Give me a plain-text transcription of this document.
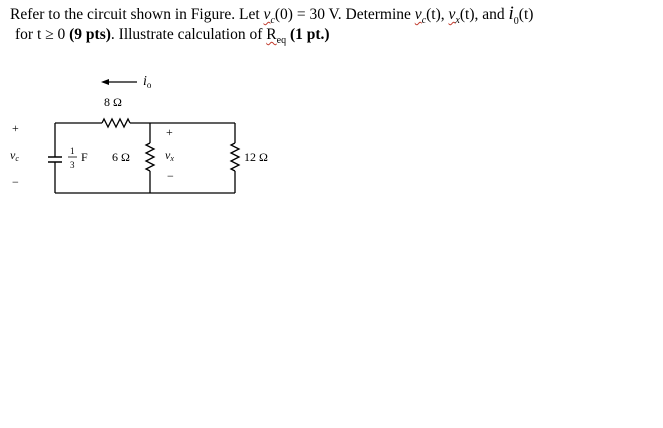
Refer to the circuit shown in Figure. Let $v_c(0) = 30$ V. Determine $v_c(t)$, $v_x(t)$, and $i_0(t)$
for t ≥ 0 (9 pts). Illustrate calculation of $R_{eq}$ (1 pt.)
$i_o$
8 Ω
+
vc
−
1
3
F 6 Ω
+
vx
−
12 Ω
